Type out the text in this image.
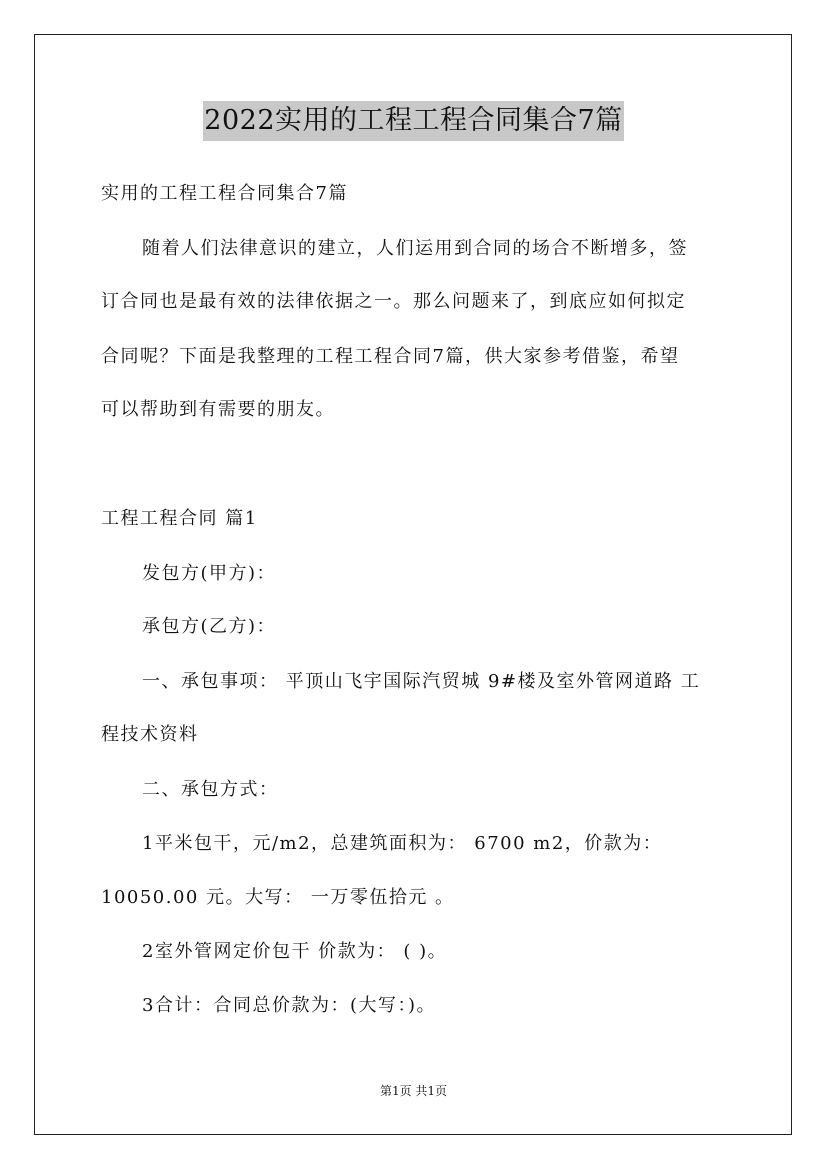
2022实用的工程工程合同集合7篇
实用的工程工程合同集合7篇
随着人们法律意识的建立，人们运用到合同的场合不断增多，签
订合同也是最有效的法律依据之一。那么问题来了，到底应如何拟定
合同呢？下面是我整理的工程工程合同7篇，供大家参考借鉴，希望
可以帮助到有需要的朋友。
工程工程合同 篇1
发包方(甲方)：
承包方(乙方)：
一、承包事项： 平顶山飞宇国际汽贸城 9#楼及室外管网道路 工
程技术资料
二、承包方式：
1平米包干，元/m2，总建筑面积为： 6700 m2，价款为：
10050.00 元。大写： 一万零伍拾元 。
2室外管网定价包干 价款为： ( )。
3合计：合同总价款为：(大写：)。
第1页 共1页
